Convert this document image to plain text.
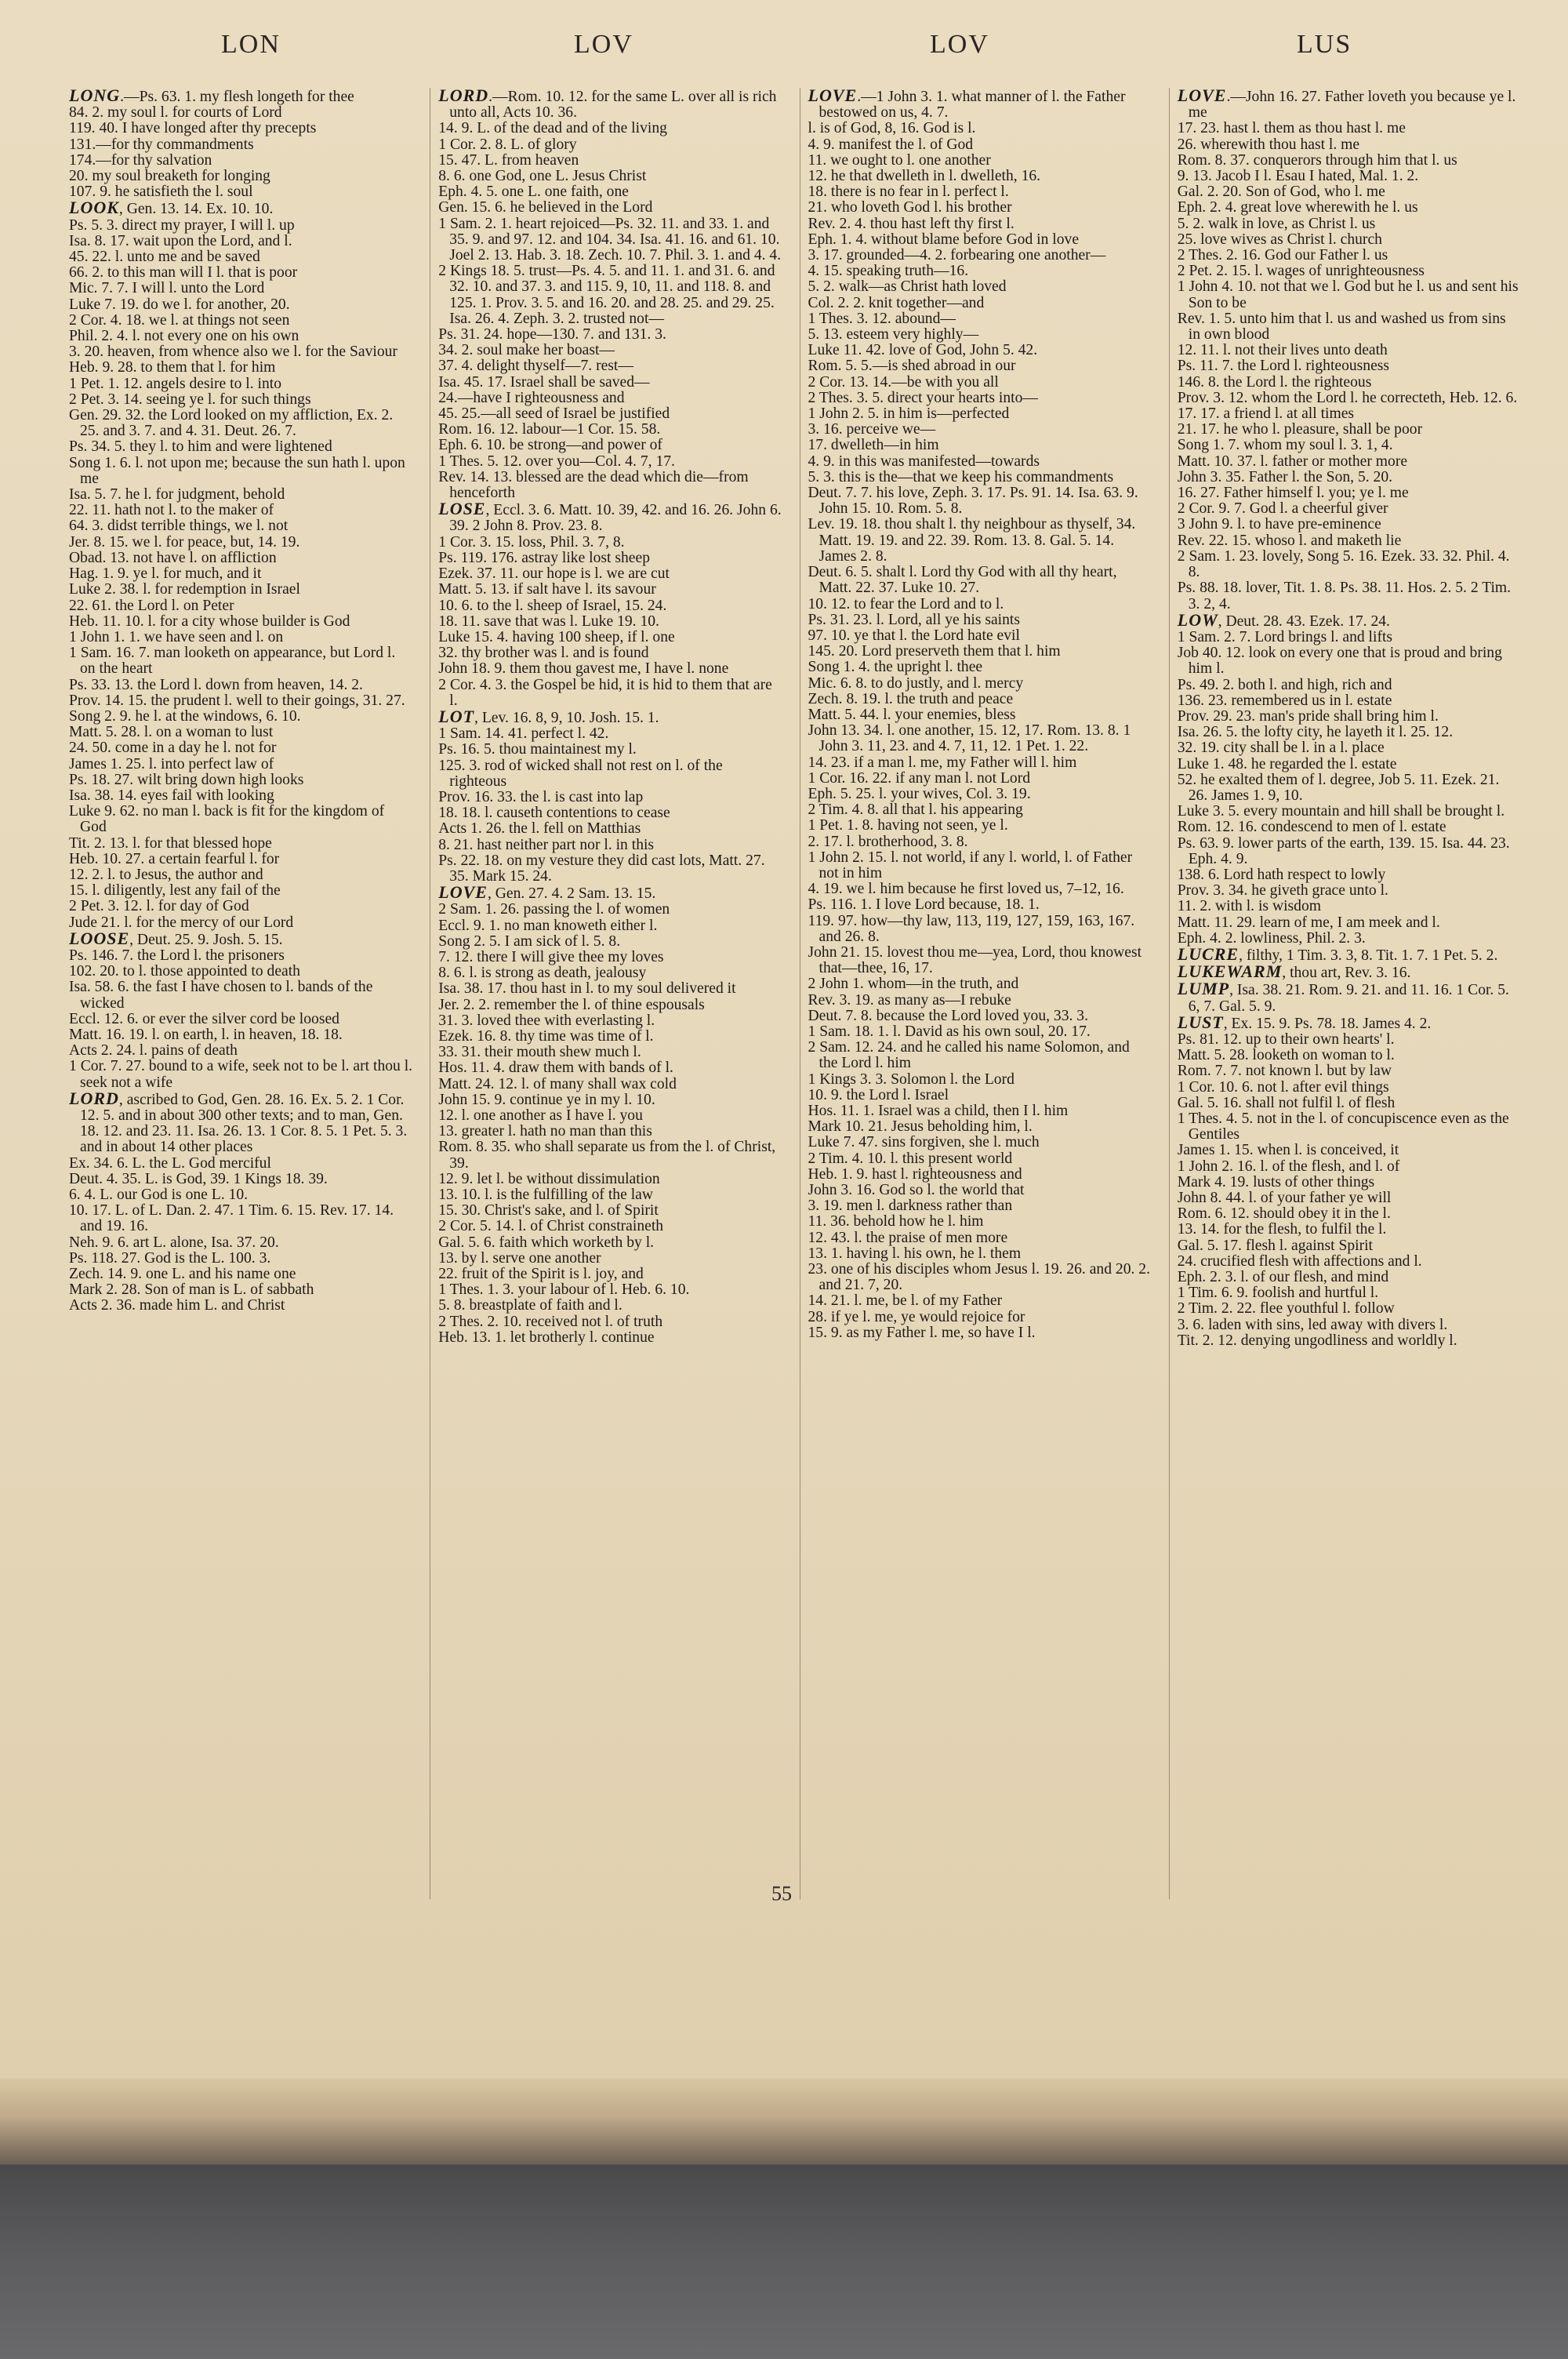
LON	LOV	LOV	LUS

LONG.—Ps. 63. 1. my flesh longeth for thee

84. 2. my soul l. for courts of Lord

119. 40. I have longed after thy precepts

131.—for thy commandments

174.—for thy salvation

20. my soul breaketh for longing

107. 9. he satisfieth the l. soul

LOOK, Gen. 13. 14. Ex. 10. 10.

Ps. 5. 3. direct my prayer, I will l. up

Isa. 8. 17. wait upon the Lord, and l.

45. 22. l. unto me and be saved

66. 2. to this man will I l. that is poor

Mic. 7. 7. I will l. unto the Lord

Luke 7. 19. do we l. for another, 20.

2 Cor. 4. 18. we l. at things not seen

Phil. 2. 4. l. not every one on his own

3. 20. heaven, from whence also we l. for the Saviour

Heb. 9. 28. to them that l. for him

1 Pet. 1. 12. angels desire to l. into

2 Pet. 3. 14. seeing ye l. for such things

Gen. 29. 32. the Lord looked on my affliction, Ex. 2. 25. and 3. 7. and 4. 31. Deut. 26. 7.

Ps. 34. 5. they l. to him and were lightened

Song 1. 6. l. not upon me; because the sun hath l. upon me

Isa. 5. 7. he l. for judgment, behold

22. 11. hath not l. to the maker of

64. 3. didst terrible things, we l. not

Jer. 8. 15. we l. for peace, but, 14. 19.

Obad. 13. not have l. on affliction

Hag. 1. 9. ye l. for much, and it

Luke 2. 38. l. for redemption in Israel

22. 61. the Lord l. on Peter

Heb. 11. 10. l. for a city whose builder is God

1 John 1. 1. we have seen and l. on

1 Sam. 16. 7. man looketh on appearance, but Lord l. on the heart

Ps. 33. 13. the Lord l. down from heaven, 14. 2.

Prov. 14. 15. the prudent l. well to their goings, 31. 27.

Song 2. 9. he l. at the windows, 6. 10.

Matt. 5. 28. l. on a woman to lust

24. 50. come in a day he l. not for

James 1. 25. l. into perfect law of

Ps. 18. 27. wilt bring down high looks

Isa. 38. 14. eyes fail with looking

Luke 9. 62. no man l. back is fit for the kingdom of God

Tit. 2. 13. l. for that blessed hope

Heb. 10. 27. a certain fearful l. for

12. 2. l. to Jesus, the author and

15. l. diligently, lest any fail of the

2 Pet. 3. 12. l. for day of God

Jude 21. l. for the mercy of our Lord

LOOSE, Deut. 25. 9. Josh. 5. 15.

Ps. 146. 7. the Lord l. the prisoners

102. 20. to l. those appointed to death

Isa. 58. 6. the fast I have chosen to l. bands of the wicked

Eccl. 12. 6. or ever the silver cord be loosed

Matt. 16. 19. l. on earth, l. in heaven, 18. 18.

Acts 2. 24. l. pains of death

1 Cor. 7. 27. bound to a wife, seek not to be l. art thou l. seek not a wife

LORD, ascribed to God, Gen. 28. 16. Ex. 5. 2. 1 Cor. 12. 5. and in about 300 other texts; and to man, Gen. 18. 12. and 23. 11. Isa. 26. 13. 1 Cor. 8. 5. 1 Pet. 5. 3. and in about 14 other places

Ex. 34. 6. L. the L. God merciful

Deut. 4. 35. L. is God, 39. 1 Kings 18. 39.

6. 4. L. our God is one L. 10.

10. 17. L. of L. Dan. 2. 47. 1 Tim. 6. 15. Rev. 17. 14. and 19. 16.

Neh. 9. 6. art L. alone, Isa. 37. 20.

Ps. 118. 27. God is the L. 100. 3.

Zech. 14. 9. one L. and his name one

Mark 2. 28. Son of man is L. of sabbath

Acts 2. 36. made him L. and Christ

LORD.—Rom. 10. 12. for the same L. over all is rich unto all, Acts 10. 36.

14. 9. L. of the dead and of the living

1 Cor. 2. 8. L. of glory

15. 47. L. from heaven

8. 6. one God, one L. Jesus Christ

Eph. 4. 5. one L. one faith, one

Gen. 15. 6. he believed in the Lord

1 Sam. 2. 1. heart rejoiced—Ps. 32. 11. and 33. 1. and 35. 9. and 97. 12. and 104. 34. Isa. 41. 16. and 61. 10. Joel 2. 13. Hab. 3. 18. Zech. 10. 7. Phil. 3. 1. and 4. 4.

2 Kings 18. 5. trust—Ps. 4. 5. and 11. 1. and 31. 6. and 32. 10. and 37. 3. and 115. 9, 10, 11. and 118. 8. and 125. 1. Prov. 3. 5. and 16. 20. and 28. 25. and 29. 25. Isa. 26. 4. Zeph. 3. 2. trusted not—

Ps. 31. 24. hope—130. 7. and 131. 3.

34. 2. soul make her boast—

37. 4. delight thyself—7. rest—

Isa. 45. 17. Israel shall be saved—

24.—have I righteousness and

45. 25.—all seed of Israel be justified

Rom. 16. 12. labour—1 Cor. 15. 58.

Eph. 6. 10. be strong—and power of

1 Thes. 5. 12. over you—Col. 4. 7, 17.

Rev. 14. 13. blessed are the dead which die—from henceforth

LOSE, Eccl. 3. 6. Matt. 10. 39, 42. and 16. 26. John 6. 39. 2 John 8. Prov. 23. 8.

1 Cor. 3. 15. loss, Phil. 3. 7, 8.

Ps. 119. 176. astray like lost sheep

Ezek. 37. 11. our hope is l. we are cut

Matt. 5. 13. if salt have l. its savour

10. 6. to the l. sheep of Israel, 15. 24.

18. 11. save that was l. Luke 19. 10.

Luke 15. 4. having 100 sheep, if l. one

32. thy brother was l. and is found

John 18. 9. them thou gavest me, I have l. none

2 Cor. 4. 3. the Gospel be hid, it is hid to them that are l.

LOT, Lev. 16. 8, 9, 10. Josh. 15. 1.

1 Sam. 14. 41. perfect l. 42.

Ps. 16. 5. thou maintainest my l.

125. 3. rod of wicked shall not rest on l. of the righteous

Prov. 16. 33. the l. is cast into lap

18. 18. l. causeth contentions to cease

Acts 1. 26. the l. fell on Matthias

8. 21. hast neither part nor l. in this

Ps. 22. 18. on my vesture they did cast lots, Matt. 27. 35. Mark 15. 24.

LOVE, Gen. 27. 4. 2 Sam. 13. 15.

2 Sam. 1. 26. passing the l. of women

Eccl. 9. 1. no man knoweth either l.

Song 2. 5. I am sick of l. 5. 8.

7. 12. there I will give thee my loves

8. 6. l. is strong as death, jealousy

Isa. 38. 17. thou hast in l. to my soul delivered it

Jer. 2. 2. remember the l. of thine espousals

31. 3. loved thee with everlasting l.

Ezek. 16. 8. thy time was time of l.

33. 31. their mouth shew much l.

Hos. 11. 4. draw them with bands of l.

Matt. 24. 12. l. of many shall wax cold

John 15. 9. continue ye in my l. 10.

12. l. one another as I have l. you

13. greater l. hath no man than this

Rom. 8. 35. who shall separate us from the l. of Christ, 39.

12. 9. let l. be without dissimulation

13. 10. l. is the fulfilling of the law

15. 30. Christ's sake, and l. of Spirit

2 Cor. 5. 14. l. of Christ constraineth

Gal. 5. 6. faith which worketh by l.

13. by l. serve one another

22. fruit of the Spirit is l. joy, and

1 Thes. 1. 3. your labour of l. Heb. 6. 10.

5. 8. breastplate of faith and l.

2 Thes. 2. 10. received not l. of truth

Heb. 13. 1. let brotherly l. continue

LOVE.—1 John 3. 1. what manner of l. the Father bestowed on us, 4. 7.

l. is of God, 8, 16. God is l.

4. 9. manifest the l. of God

11. we ought to l. one another

12. he that dwelleth in l. dwelleth, 16.

18. there is no fear in l. perfect l.

21. who loveth God l. his brother

Rev. 2. 4. thou hast left thy first l.

Eph. 1. 4. without blame before God in love

3. 17. grounded—4. 2. forbearing one another—

4. 15. speaking truth—16.

5. 2. walk—as Christ hath loved

Col. 2. 2. knit together—and

1 Thes. 3. 12. abound—

5. 13. esteem very highly—

Luke 11. 42. love of God, John 5. 42.

Rom. 5. 5.—is shed abroad in our

2 Cor. 13. 14.—be with you all

2 Thes. 3. 5. direct your hearts into—

1 John 2. 5. in him is—perfected

3. 16. perceive we—

17. dwelleth—in him

4. 9. in this was manifested—towards

5. 3. this is the—that we keep his commandments

Deut. 7. 7. his love, Zeph. 3. 17. Ps. 91. 14. Isa. 63. 9. John 15. 10. Rom. 5. 8.

Lev. 19. 18. thou shalt l. thy neighbour as thyself, 34. Matt. 19. 19. and 22. 39. Rom. 13. 8. Gal. 5. 14. James 2. 8.

Deut. 6. 5. shalt l. Lord thy God with all thy heart, Matt. 22. 37. Luke 10. 27.

10. 12. to fear the Lord and to l.

Ps. 31. 23. l. Lord, all ye his saints

97. 10. ye that l. the Lord hate evil

145. 20. Lord preserveth them that l. him

Song 1. 4. the upright l. thee

Mic. 6. 8. to do justly, and l. mercy

Zech. 8. 19. l. the truth and peace

Matt. 5. 44. l. your enemies, bless

John 13. 34. l. one another, 15. 12, 17. Rom. 13. 8. 1 John 3. 11, 23. and 4. 7, 11, 12. 1 Pet. 1. 22.

14. 23. if a man l. me, my Father will l. him

1 Cor. 16. 22. if any man l. not Lord

Eph. 5. 25. l. your wives, Col. 3. 19.

2 Tim. 4. 8. all that l. his appearing

1 Pet. 1. 8. having not seen, ye l.

2. 17. l. brotherhood, 3. 8.

1 John 2. 15. l. not world, if any l. world, l. of Father not in him

4. 19. we l. him because he first loved us, 7–12, 16.

Ps. 116. 1. I love Lord because, 18. 1.

119. 97. how—thy law, 113, 119, 127, 159, 163, 167. and 26. 8.

John 21. 15. lovest thou me—yea, Lord, thou knowest that—thee, 16, 17.

2 John 1. whom—in the truth, and

Rev. 3. 19. as many as—I rebuke

Deut. 7. 8. because the Lord loved you, 33. 3.

1 Sam. 18. 1. l. David as his own soul, 20. 17.

2 Sam. 12. 24. and he called his name Solomon, and the Lord l. him

1 Kings 3. 3. Solomon l. the Lord

10. 9. the Lord l. Israel

Hos. 11. 1. Israel was a child, then I l. him

Mark 10. 21. Jesus beholding him, l.

Luke 7. 47. sins forgiven, she l. much

2 Tim. 4. 10. l. this present world

Heb. 1. 9. hast l. righteousness and

John 3. 16. God so l. the world that

3. 19. men l. darkness rather than

11. 36. behold how he l. him

12. 43. l. the praise of men more

13. 1. having l. his own, he l. them

23. one of his disciples whom Jesus l. 19. 26. and 20. 2. and 21. 7, 20.

14. 21. l. me, be l. of my Father

28. if ye l. me, ye would rejoice for

15. 9. as my Father l. me, so have I l.

LOVE.—John 16. 27. Father loveth you because ye l. me

17. 23. hast l. them as thou hast l. me

26. wherewith thou hast l. me

Rom. 8. 37. conquerors through him that l. us

9. 13. Jacob I l. Esau I hated, Mal. 1. 2.

Gal. 2. 20. Son of God, who l. me

Eph. 2. 4. great love wherewith he l. us

5. 2. walk in love, as Christ l. us

25. love wives as Christ l. church

2 Thes. 2. 16. God our Father l. us

2 Pet. 2. 15. l. wages of unrighteousness

1 John 4. 10. not that we l. God but he l. us and sent his Son to be

Rev. 1. 5. unto him that l. us and washed us from sins in own blood

12. 11. l. not their lives unto death

Ps. 11. 7. the Lord l. righteousness

146. 8. the Lord l. the righteous

Prov. 3. 12. whom the Lord l. he correcteth, Heb. 12. 6.

17. 17. a friend l. at all times

21. 17. he who l. pleasure, shall be poor

Song 1. 7. whom my soul l. 3. 1, 4.

Matt. 10. 37. l. father or mother more

John 3. 35. Father l. the Son, 5. 20.

16. 27. Father himself l. you; ye l. me

2 Cor. 9. 7. God l. a cheerful giver

3 John 9. l. to have pre-eminence

Rev. 22. 15. whoso l. and maketh lie

2 Sam. 1. 23. lovely, Song 5. 16. Ezek. 33. 32. Phil. 4. 8.

Ps. 88. 18. lover, Tit. 1. 8. Ps. 38. 11. Hos. 2. 5. 2 Tim. 3. 2, 4.

LOW, Deut. 28. 43. Ezek. 17. 24.

1 Sam. 2. 7. Lord brings l. and lifts

Job 40. 12. look on every one that is proud and bring him l.

Ps. 49. 2. both l. and high, rich and

136. 23. remembered us in l. estate

Prov. 29. 23. man's pride shall bring him l.

Isa. 26. 5. the lofty city, he layeth it l. 25. 12.

32. 19. city shall be l. in a l. place

Luke 1. 48. he regarded the l. estate

52. he exalted them of l. degree, Job 5. 11. Ezek. 21. 26. James 1. 9, 10.

Luke 3. 5. every mountain and hill shall be brought l.

Rom. 12. 16. condescend to men of l. estate

Ps. 63. 9. lower parts of the earth, 139. 15. Isa. 44. 23. Eph. 4. 9.

138. 6. Lord hath respect to lowly

Prov. 3. 34. he giveth grace unto l.

11. 2. with l. is wisdom

Matt. 11. 29. learn of me, I am meek and l.

Eph. 4. 2. lowliness, Phil. 2. 3.

LUCRE, filthy, 1 Tim. 3. 3, 8. Tit. 1. 7. 1 Pet. 5. 2.

LUKEWARM, thou art, Rev. 3. 16.

LUMP, Isa. 38. 21. Rom. 9. 21. and 11. 16. 1 Cor. 5. 6, 7. Gal. 5. 9.

LUST, Ex. 15. 9. Ps. 78. 18. James 4. 2.

Ps. 81. 12. up to their own hearts' l.

Matt. 5. 28. looketh on woman to l.

Rom. 7. 7. not known l. but by law

1 Cor. 10. 6. not l. after evil things

Gal. 5. 16. shall not fulfil l. of flesh

1 Thes. 4. 5. not in the l. of concupiscence even as the Gentiles

James 1. 15. when l. is conceived, it

1 John 2. 16. l. of the flesh, and l. of

Mark 4. 19. lusts of other things

John 8. 44. l. of your father ye will

Rom. 6. 12. should obey it in the l.

13. 14. for the flesh, to fulfil the l.

Gal. 5. 17. flesh l. against Spirit

24. crucified flesh with affections and l.

Eph. 2. 3. l. of our flesh, and mind

1 Tim. 6. 9. foolish and hurtful l.

2 Tim. 2. 22. flee youthful l. follow

3. 6. laden with sins, led away with divers l.

Tit. 2. 12. denying ungodliness and worldly l.

55
